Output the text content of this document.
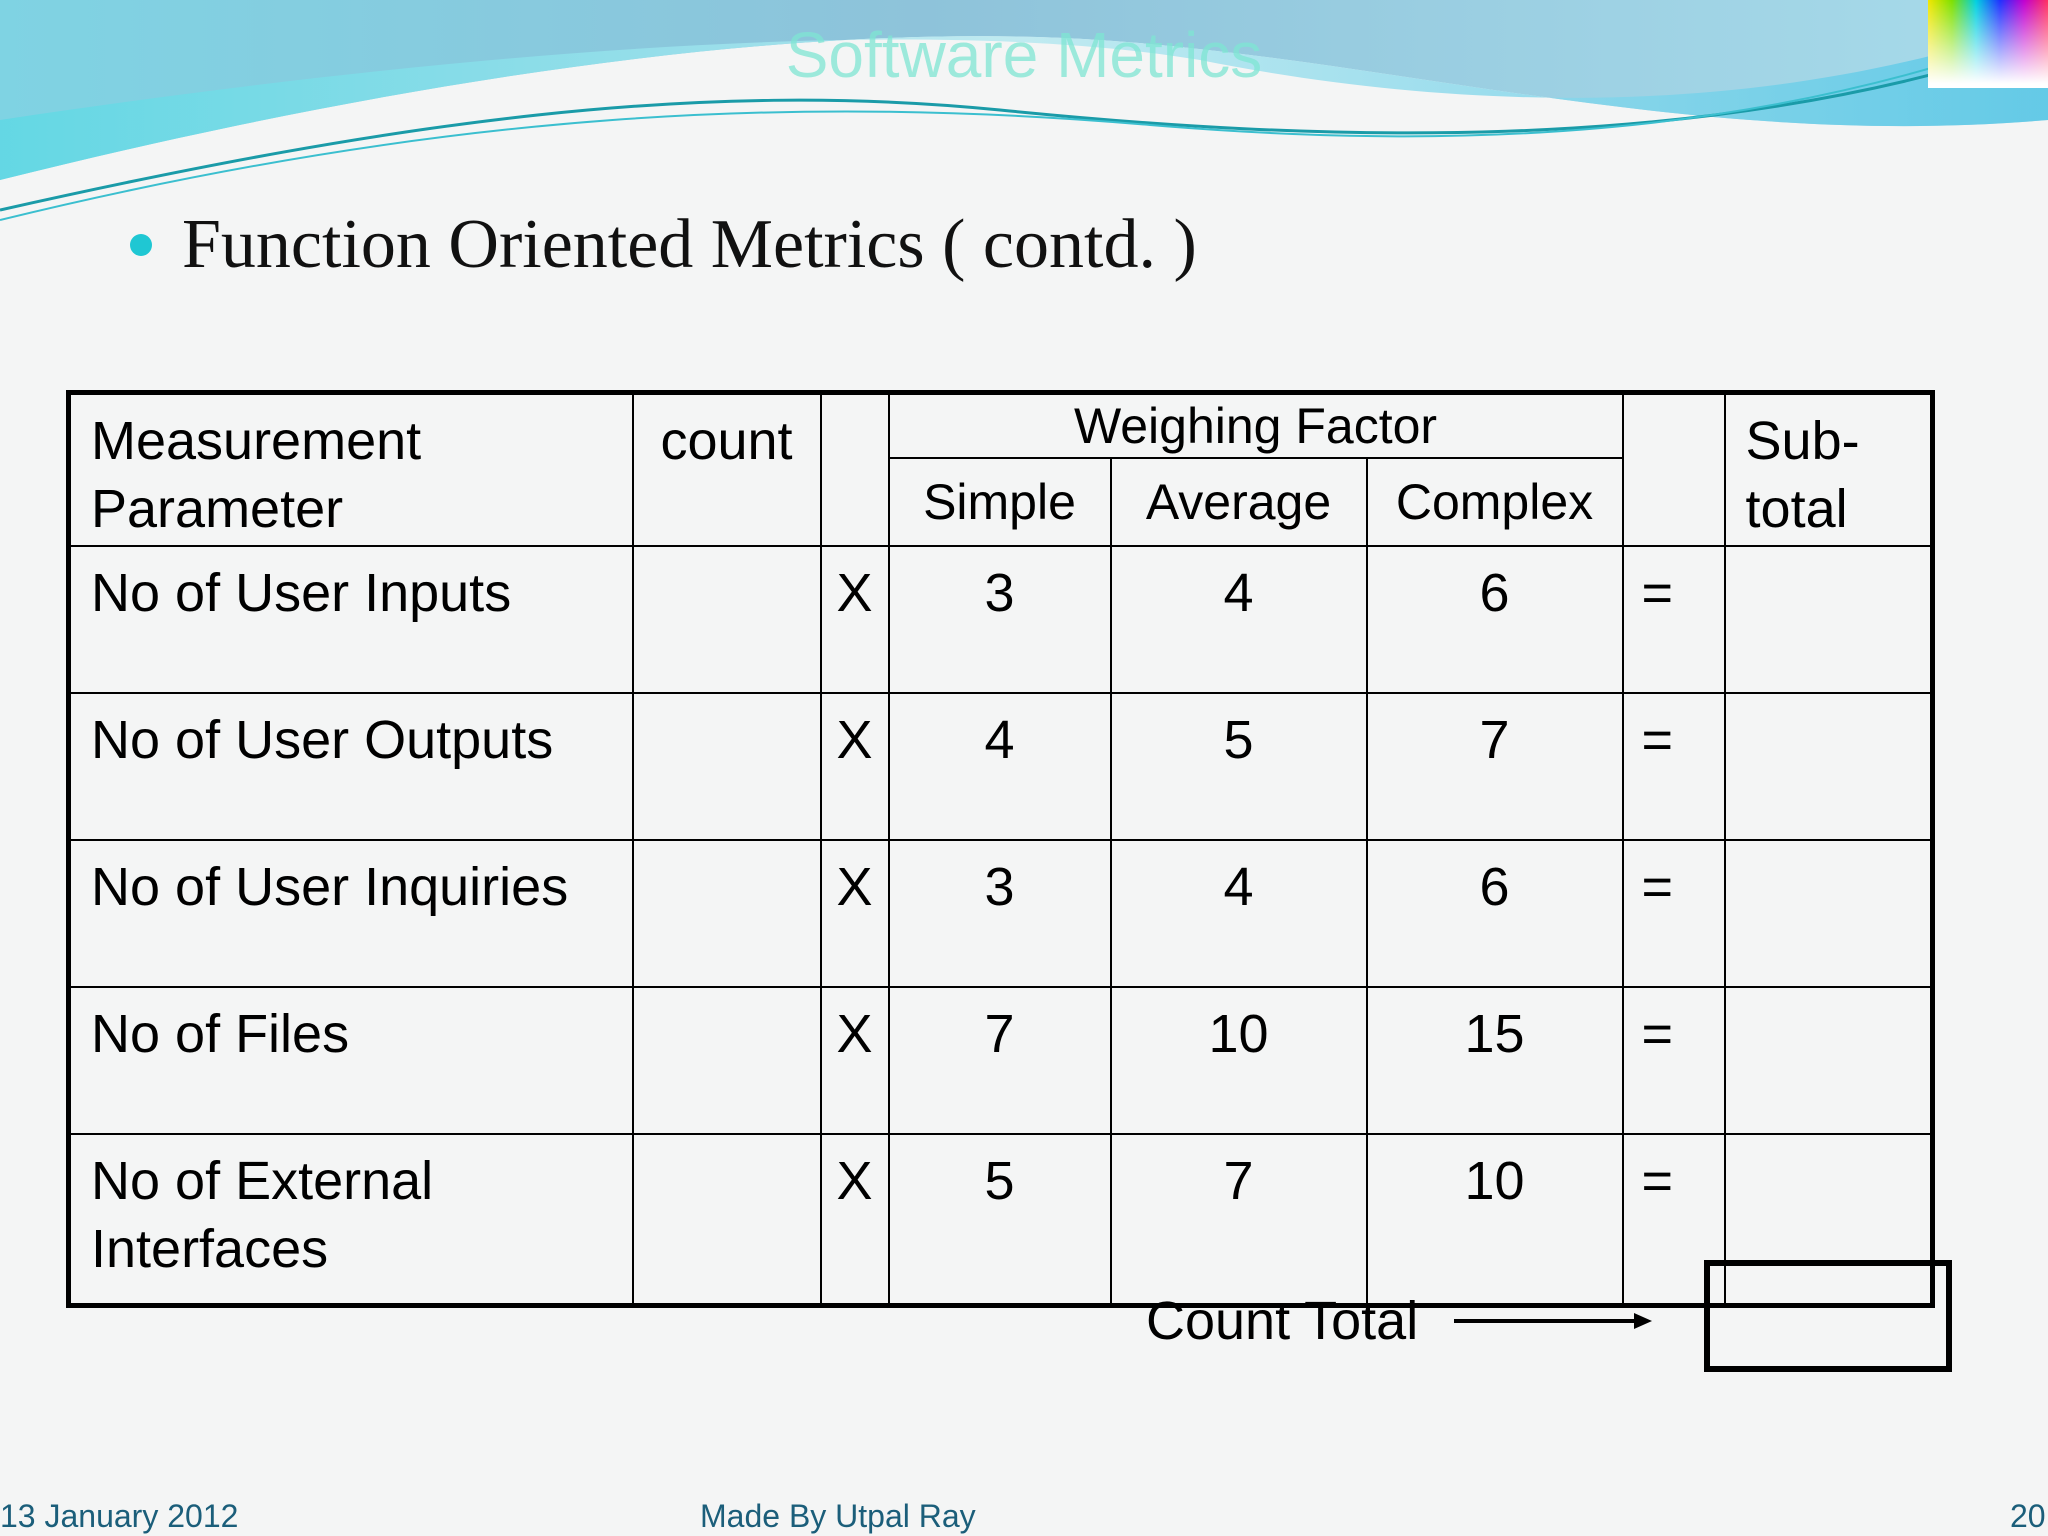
Software Metrics
Function Oriented Metrics ( contd. )
Measurement Parameter	count		Weighing Factor				Sub-total
			Simple	Average	Complex		
No of User Inputs		X	3	4	6	=	
No of User Outputs		X	4	5	7	=	
No of User Inquiries		X	3	4	6	=	
No of Files		X	7	10	15	=	
No of External Interfaces		X	5	7	10	=	
Count Total
13 January 2012	Made By Utpal Ray	20
